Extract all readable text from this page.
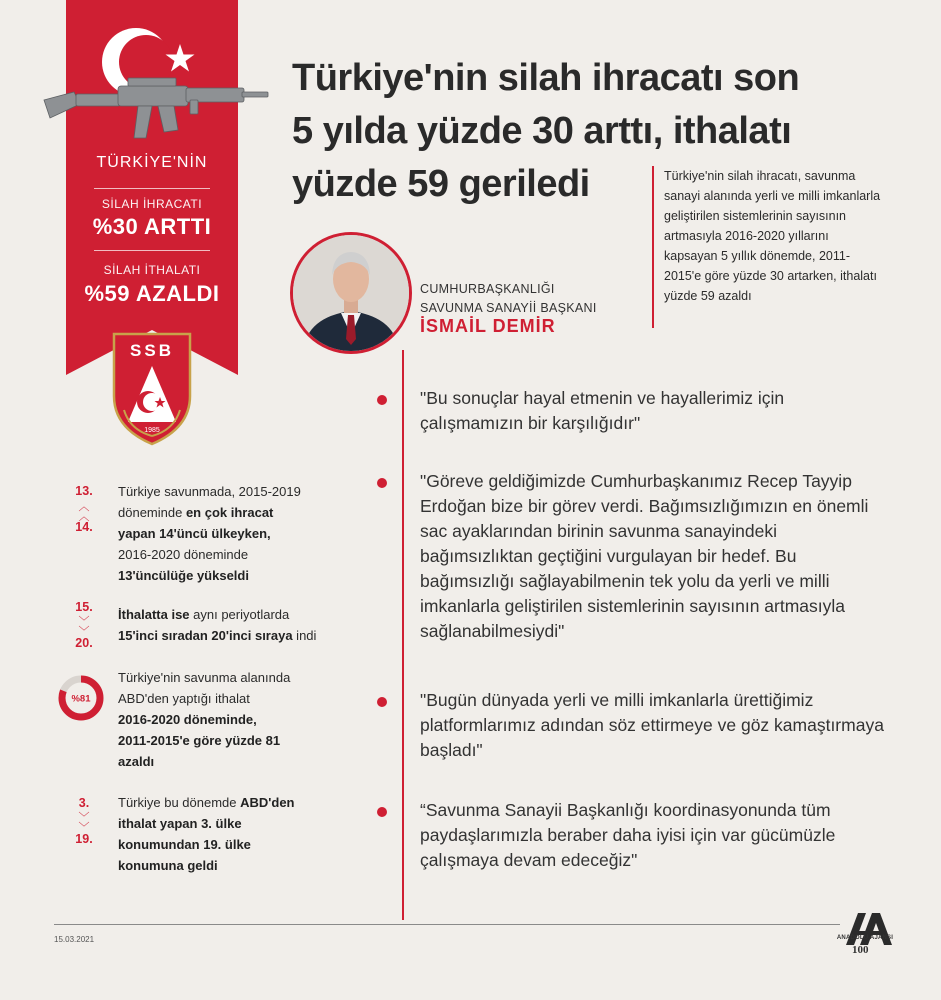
TÜRKİYE'NİN
SİLAH İHRACATI
%30 ARTTI
SİLAH İTHALATI
%59 AZALDI
SSB
1985
Türkiye'nin silah ihracatı son
5 yılda yüzde 30 arttı, ithalatı
yüzde 59 geriledi	Türkiye'nin silah ihracatı, savunma sanayi alanında yerli ve milli imkanlarla geliştirilen sistemlerinin sayısının artmasıyla 2016-2020 yıllarını kapsayan 5 yıllık dönemde, 2011-2015'e göre yüzde 30 artarken, ithalatı yüzde 59 azaldı
CUMHURBAŞKANLIĞI
SAVUNMA SANAYİİ BAŞKANI
İSMAİL DEMİR
"Bu sonuçlar hayal etmenin ve hayallerimiz için çalışmamızın bir karşılığıdır"
"Göreve geldiğimizde Cumhurbaşkanımız Recep Tayyip Erdoğan bize bir görev verdi. Bağımsızlığımızın en önemli sac ayaklarından birinin savunma sanayindeki bağımsızlıktan geçtiğini vurgulayan bir hedef. Bu bağımsızlığı sağlayabilmenin tek yolu da yerli ve milli imkanlarla geliştirilen sistemlerinin sayısının artmasıyla sağlanabilmesiydi"
"Bugün dünyada yerli ve milli imkanlarla ürettiğimiz platformlarımız adından söz ettirmeye ve göz kamaştırmaya başladı"
“Savunma Sanayii Başkanlığı koordinasyonunda tüm paydaşlarımızla beraber daha iyisi için var gücümüzle çalışmaya devam edeceğiz"
13.
︿
︿
14.
Türkiye savunmada, 2015-2019
döneminde en çok ihracat
yapan 14'üncü ülkeyken,
2016-2020 döneminde
13'üncülüğe yükseldi
15.
﹀
﹀
20.
İthalatta ise aynı periyotlarda
15'inci sıradan 20'inci sıraya indi
%81
Türkiye'nin savunma alanında
ABD'den yaptığı ithalat
2016-2020 döneminde,
2011-2015'e göre yüzde 81
azaldı
3.
﹀
﹀
19.
Türkiye bu dönemde ABD'den
ithalat yapan 3. ülke
konumundan 19. ülke
konumuna geldi
15.03.2021	ANADOLU AJANSI
100
